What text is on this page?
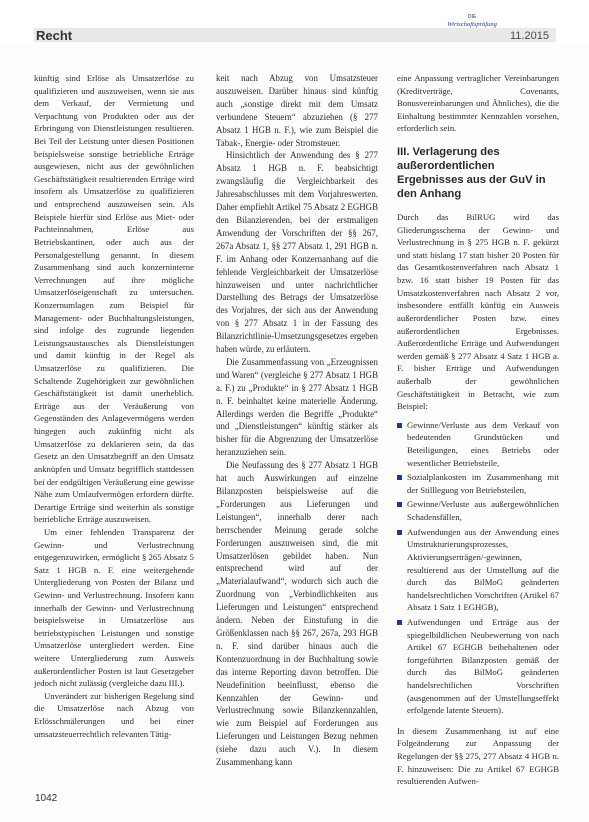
Recht
DIE
Wirtschaftsprüfung
11.2015

künftig sind Erlöse als Umsatzerlöse zu qualifizieren und auszuweisen, wenn sie aus dem Verkauf, der Vermietung und Verpachtung von Produkten oder aus der Erbringung von Dienstleistungen resultieren. Bei Teil der Leistung unter diesen Positionen beispielsweise sonstige betriebliche Erträge ausgewiesen, nicht aus der gewöhnlichen Geschäftstätigkeit resultierenden Erträge wird insofern als Umsatzerlöse zu qualifizieren und entsprechend auszuweisen sein. Als Beispiele hierfür sind Erlöse aus Miet- oder Pachteinnahmen, Erlöse aus Betriebskantinen, oder auch aus der Personalgestellung genannt. In diesem Zusammenhang sind auch konzerninterne Verrechnungen auf ihre mögliche Umsatzerlöseigenschaft zu untersuchen. Konzernumlagen zum Beispiel für Management- oder Buchhaltungsleistungen, sind infolge des zugrunde liegenden Leistungsaustausches als Dienstleistungen und damit künftig in der Regel als Umsatzerlöse zu qualifizieren. Die Schaltende Zugehörigkeit zur gewöhnlichen Geschäftstätigkeit ist damit unerheblich. Erträge aus der Veräußerung von Gegenständen des Anlagevermögens werden hingegen auch zukünftig nicht als Umsatzerlöse zu deklarieren sein, da das Gesetz an den Umsatzbegriff an den Umsatz anknüpfen und Umsatz begrifflich stattdessen bei der endgültigen Veräußerung eine gewisse Nähe zum Umlaufvermögen erfordern dürfte. Derartige Erträge sind weiterhin als sonstige betriebliche Erträge auszuweisen.

Um einer fehlenden Transparenz der Gewinn- und Verlustrechnung entgegenzuwirken, ermöglicht § 265 Absatz 5 Satz 1 HGB n. F. eine weitergehende Untergliederung von Posten der Bilanz und Gewinn- und Verlustrechnung. Insofern kann innerhalb der Gewinn- und Verlustrechnung beispielsweise in Umsatzerlöse aus betriebstypischen Leistungen und sonstige Umsatzerlöse untergliedert werden. Eine weitere Untergliederung zum Ausweis außerordentlicher Posten ist laut Gesetzgeber jedoch nicht zulässig (vergleiche dazu III.).

Unverändert zur bisherigen Regelung sind die Umsatzerlöse nach Abzug von Erlösschmälerungen und bei einer umsatzsteuerrechtlich relevanten Tätig-

keit nach Abzug von Umsatzsteuer auszuweisen. Darüber hinaus sind künftig auch „sonstige direkt mit dem Umsatz verbundene Steuern“ abzuziehen (§ 277 Absatz 1 HGB n. F.), wie zum Beispiel die Tabak-, Energie- oder Stromsteuer.

Hinsichtlich der Anwendung des § 277 Absatz 1 HGB n. F. beabsichtigt zwangsläufig die Vergleichbarkeit des Jahresabschlusses mit dem Vorjahreswerten. Daher empfiehlt Artikel 75 Absatz 2 EGHGB den Bilanzierenden, bei der erstmaligen Anwendung der Vorschriften der §§ 267, 267a Absatz 1, §§ 277 Absatz 1, 291 HGB n. F. im Anhang oder Konzernanhang auf die fehlende Vergleichbarkeit der Umsatzerlöse hinzuweisen und unter nachrichtlicher Darstellung des Betrags der Umsatzerlöse des Vorjahres, der sich aus der Anwendung von § 277 Absatz 1 in der Fassung des Bilanzrichtlinie-Umsetzungsgesetzes ergeben haben würde, zu erläutern.

Die Zusammenfassung von „Erzeugnissen und Waren“ (vergleiche § 277 Absatz 1 HGB a. F.) zu „Produkte“ in § 277 Absatz 1 HGB n. F. beinhaltet keine materielle Änderung. Allerdings werden die Begriffe „Produkte“ und „Dienstleistungen“ künftig stärker als bisher für die Abgrenzung der Umsatzerlöse heranzuziehen sein.

Die Neufassung des § 277 Absatz 1 HGB hat auch Auswirkungen auf einzelne Bilanzposten beispielsweise auf die „Forderungen aus Lieferungen und Leistungen“, innerhalb derer nach herrschender Meinung gerade solche Forderungen auszuweisen sind, die mit Umsatzerlösen gebildet haben. Nun entsprechend wird auf der „Materialaufwand“, wodurch sich auch die Zuordnung von „Verbindlichkeiten aus Lieferungen und Leistungen“ entsprechend ändern. Neben der Einstufung in die Größenklassen nach §§ 267, 267a, 293 HGB n. F. sind darüber hinaus auch die Kontenzuordnung in der Buchhaltung sowie das interne Reporting davon betroffen. Die Neudefinition beeinflusst, ebenso die Kennzahlen der Gewinn- und Verlustrechnung sowie Bilanzkennzahlen, wie zum Beispiel auf Forderungen aus Lieferungen und Leistungen Bezug nehmen (siehe dazu auch V.). In diesem Zusammenhang kann

eine Anpassung vertraglicher Vereinbarungen (Kreditverträge, Covenants, Bonusvereinbarungen und Ähnliches), die die Einhaltung bestimmter Kennzahlen vorsehen, erforderlich sein.

III. Verlagerung des außerordentlichen Ergebnisses aus der GuV in den Anhang

Durch das BilRUG wird das Gliederungsschema der Gewinn- und Verlustrechnung in § 275 HGB n. F. gekürzt und statt bislang 17 statt bisher 20 Posten für das Gesamtkostenverfahren nach Absatz 1 bzw. 16 statt bisher 19 Posten für das Umsatzkostenverfahren nach Absatz 2 vor, insbesondere entfällt künftig ein Ausweis außerordentlicher Posten bzw. eines außerordentlichen Ergebnisses. Außerordentliche Erträge und Aufwendungen werden gemäß § 277 Absatz 4 Satz 1 HGB a. F. bisher Erträge und Aufwendungen außerhalb der gewöhnlichen Geschäftstätigkeit in Betracht, wie zum Beispiel:

Gewinne/Verluste aus dem Verkauf von bedeutenden Grundstücken und Beteiligungen, eines Betriebs oder wesentlicher Betriebsteile,
Sozialplankosten im Zusammenhang mit der Stilllegung von Betriebsteilen,
Gewinne/Verluste aus außergewöhnlichen Schadensfällen,
Aufwendungen aus der Anwendung eines Umstrukturierungsprozesses, Aktivierungserträgen/-gewinnen, resultierend aus der Umstellung auf die durch das BilMoG geänderten handelsrechtlichen Vorschriften (Artikel 67 Absatz 1 Satz 1 EGHGB),
Aufwendungen und Erträge aus der spiegelbildlichen Neubewertung von nach Artikel 67 EGHGB beibehaltenen oder fortgeführten Bilanzposten gemäß der durch das BilMoG geänderten handelsrechtlichen Vorschriften (ausgenommen auf der Umstellungseffekt erfolgende latente Steuern).

In diesem Zusammenhang ist auf eine Folgeänderung zur Anpassung der Regelungen der §§ 275, 277 Absatz 4 HGB n. F. hinzuweisen: Die zu Artikel 67 EGHGB resultierenden Aufwen-

1042
